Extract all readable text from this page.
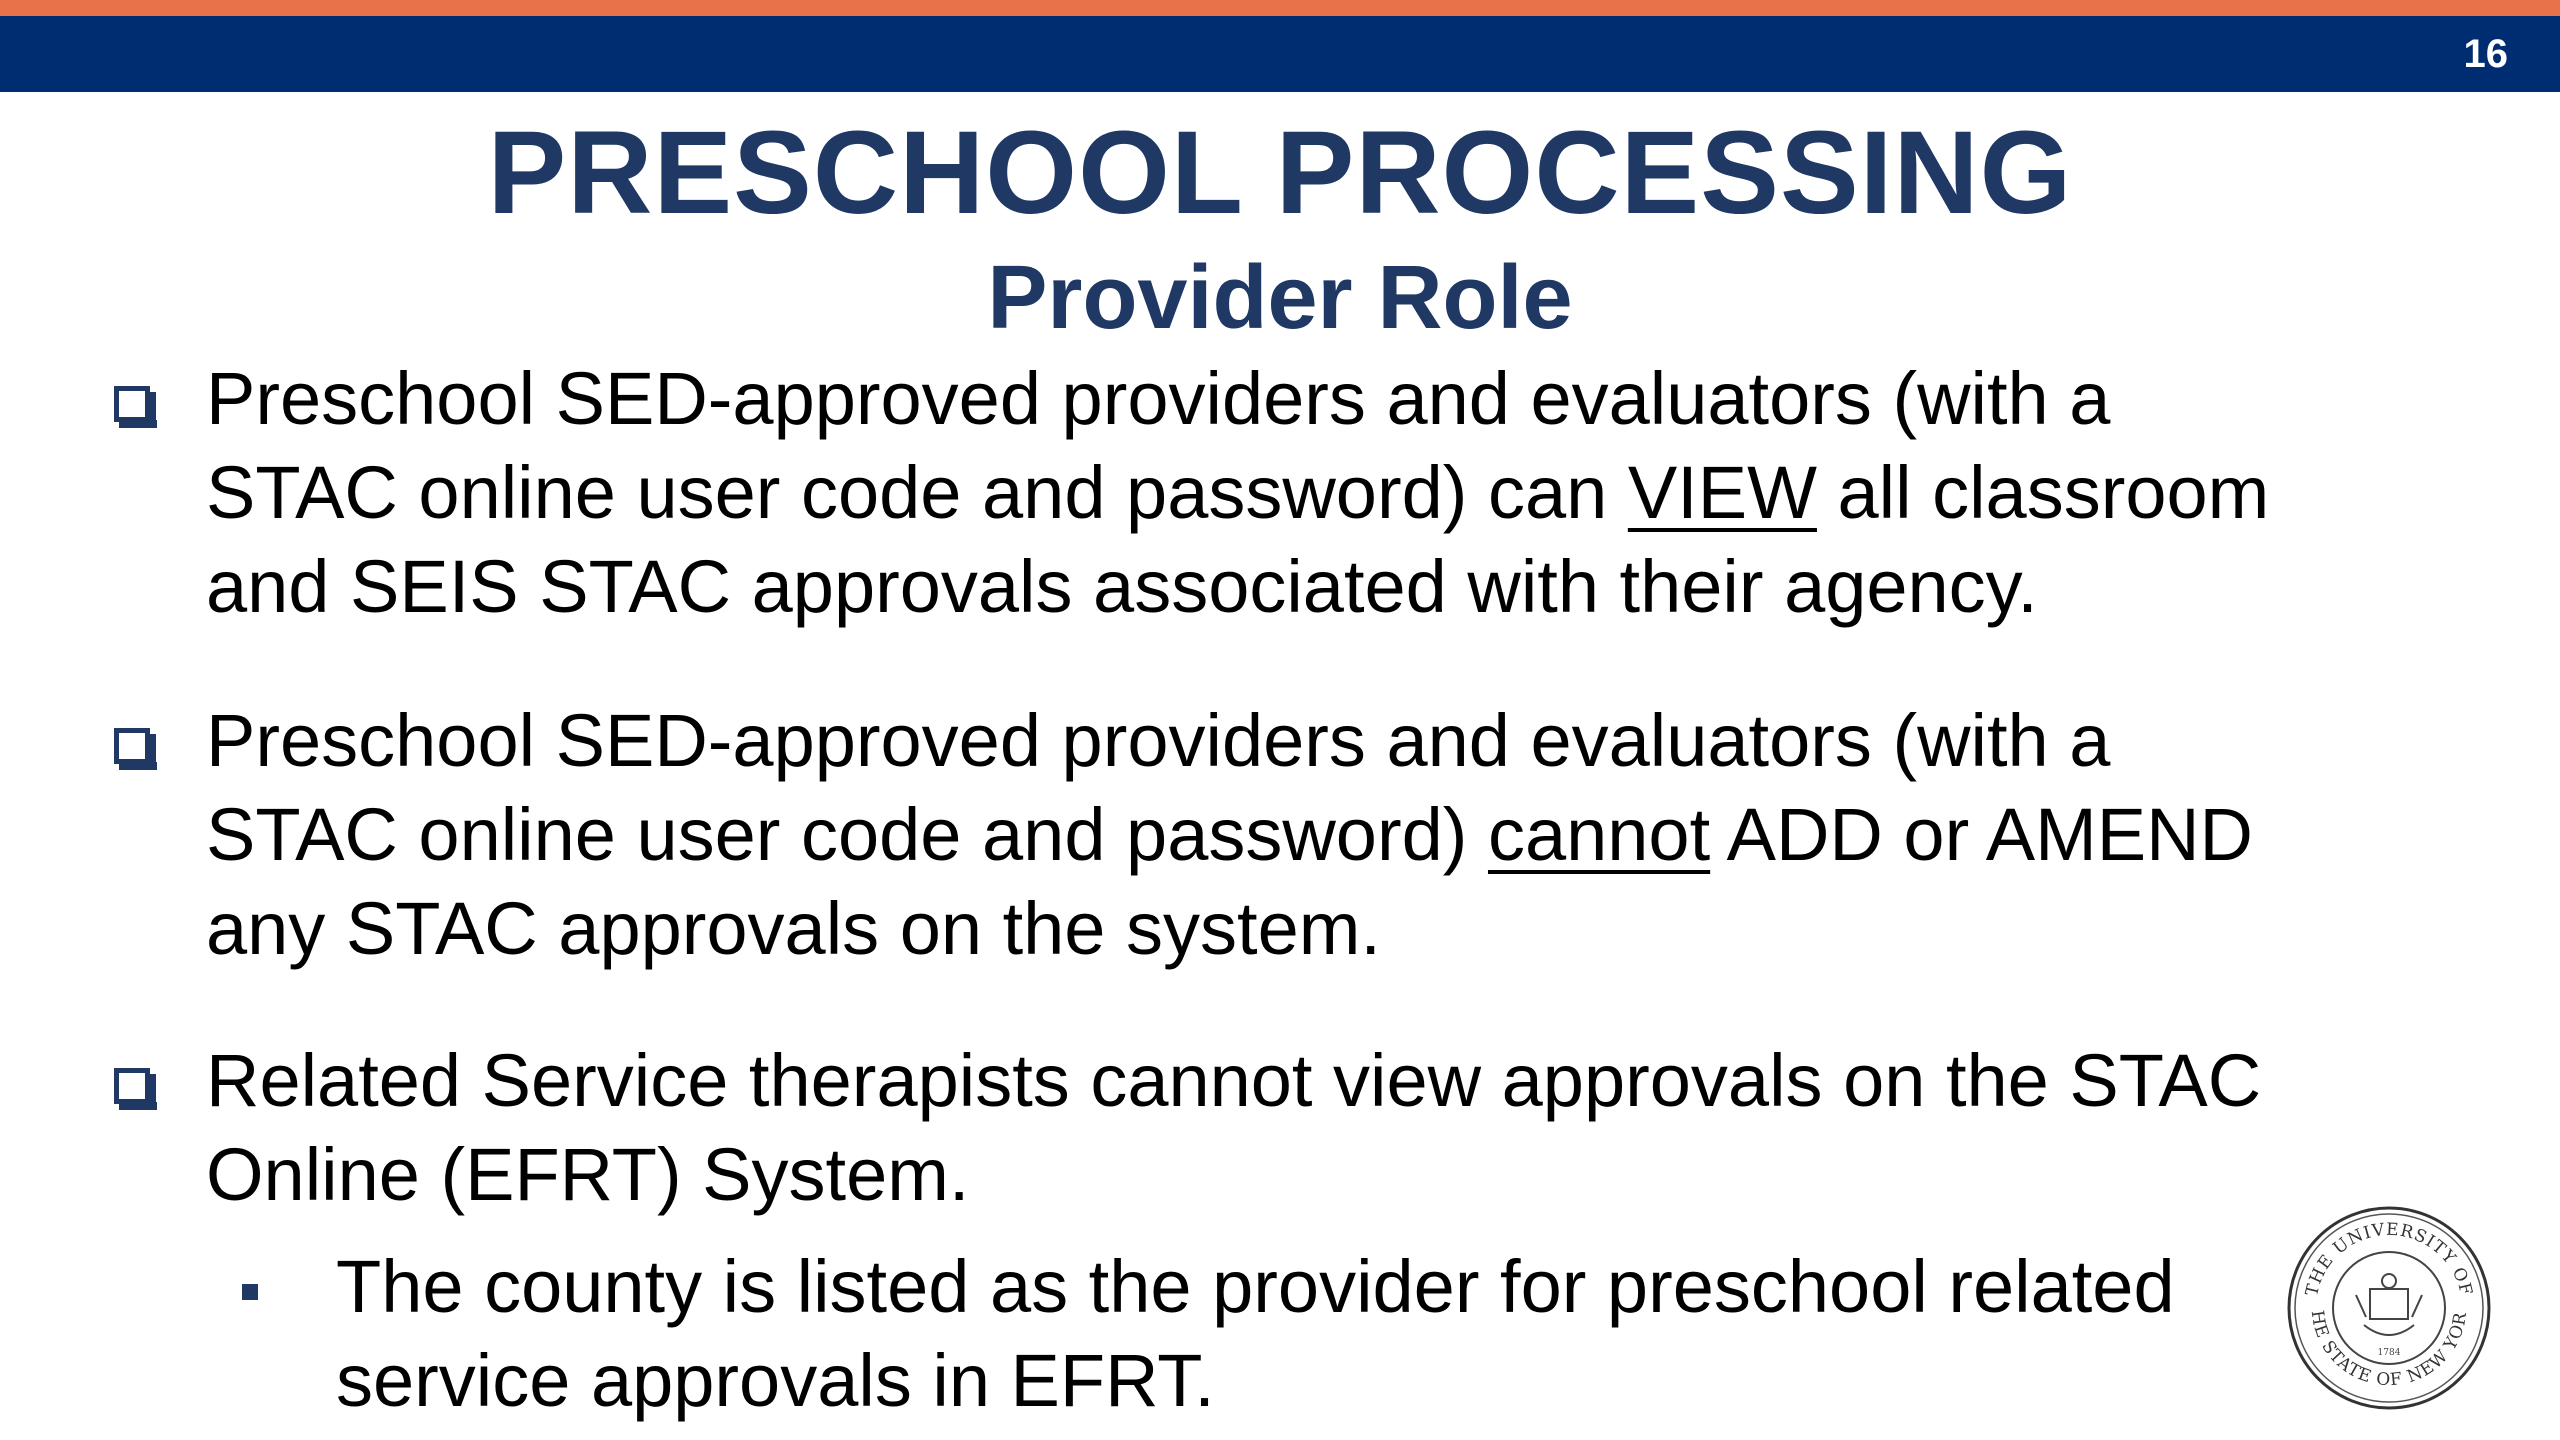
16
PRESCHOOL PROCESSING
Provider Role
Preschool SED-approved providers and evaluators (with a
STAC online user code and password) can VIEW all classroom
and SEIS STAC approvals associated with their agency.
Preschool SED-approved providers and evaluators (with a
STAC online user code and password) cannot ADD or AMEND
any STAC approvals on the system.
Related Service therapists cannot view approvals on the STAC
Online (EFRT) System.
The county is listed as the provider for preschool related
service approvals in EFRT.
THE UNIVERSITY OF
HE STATE OF NEW YOR
1784
